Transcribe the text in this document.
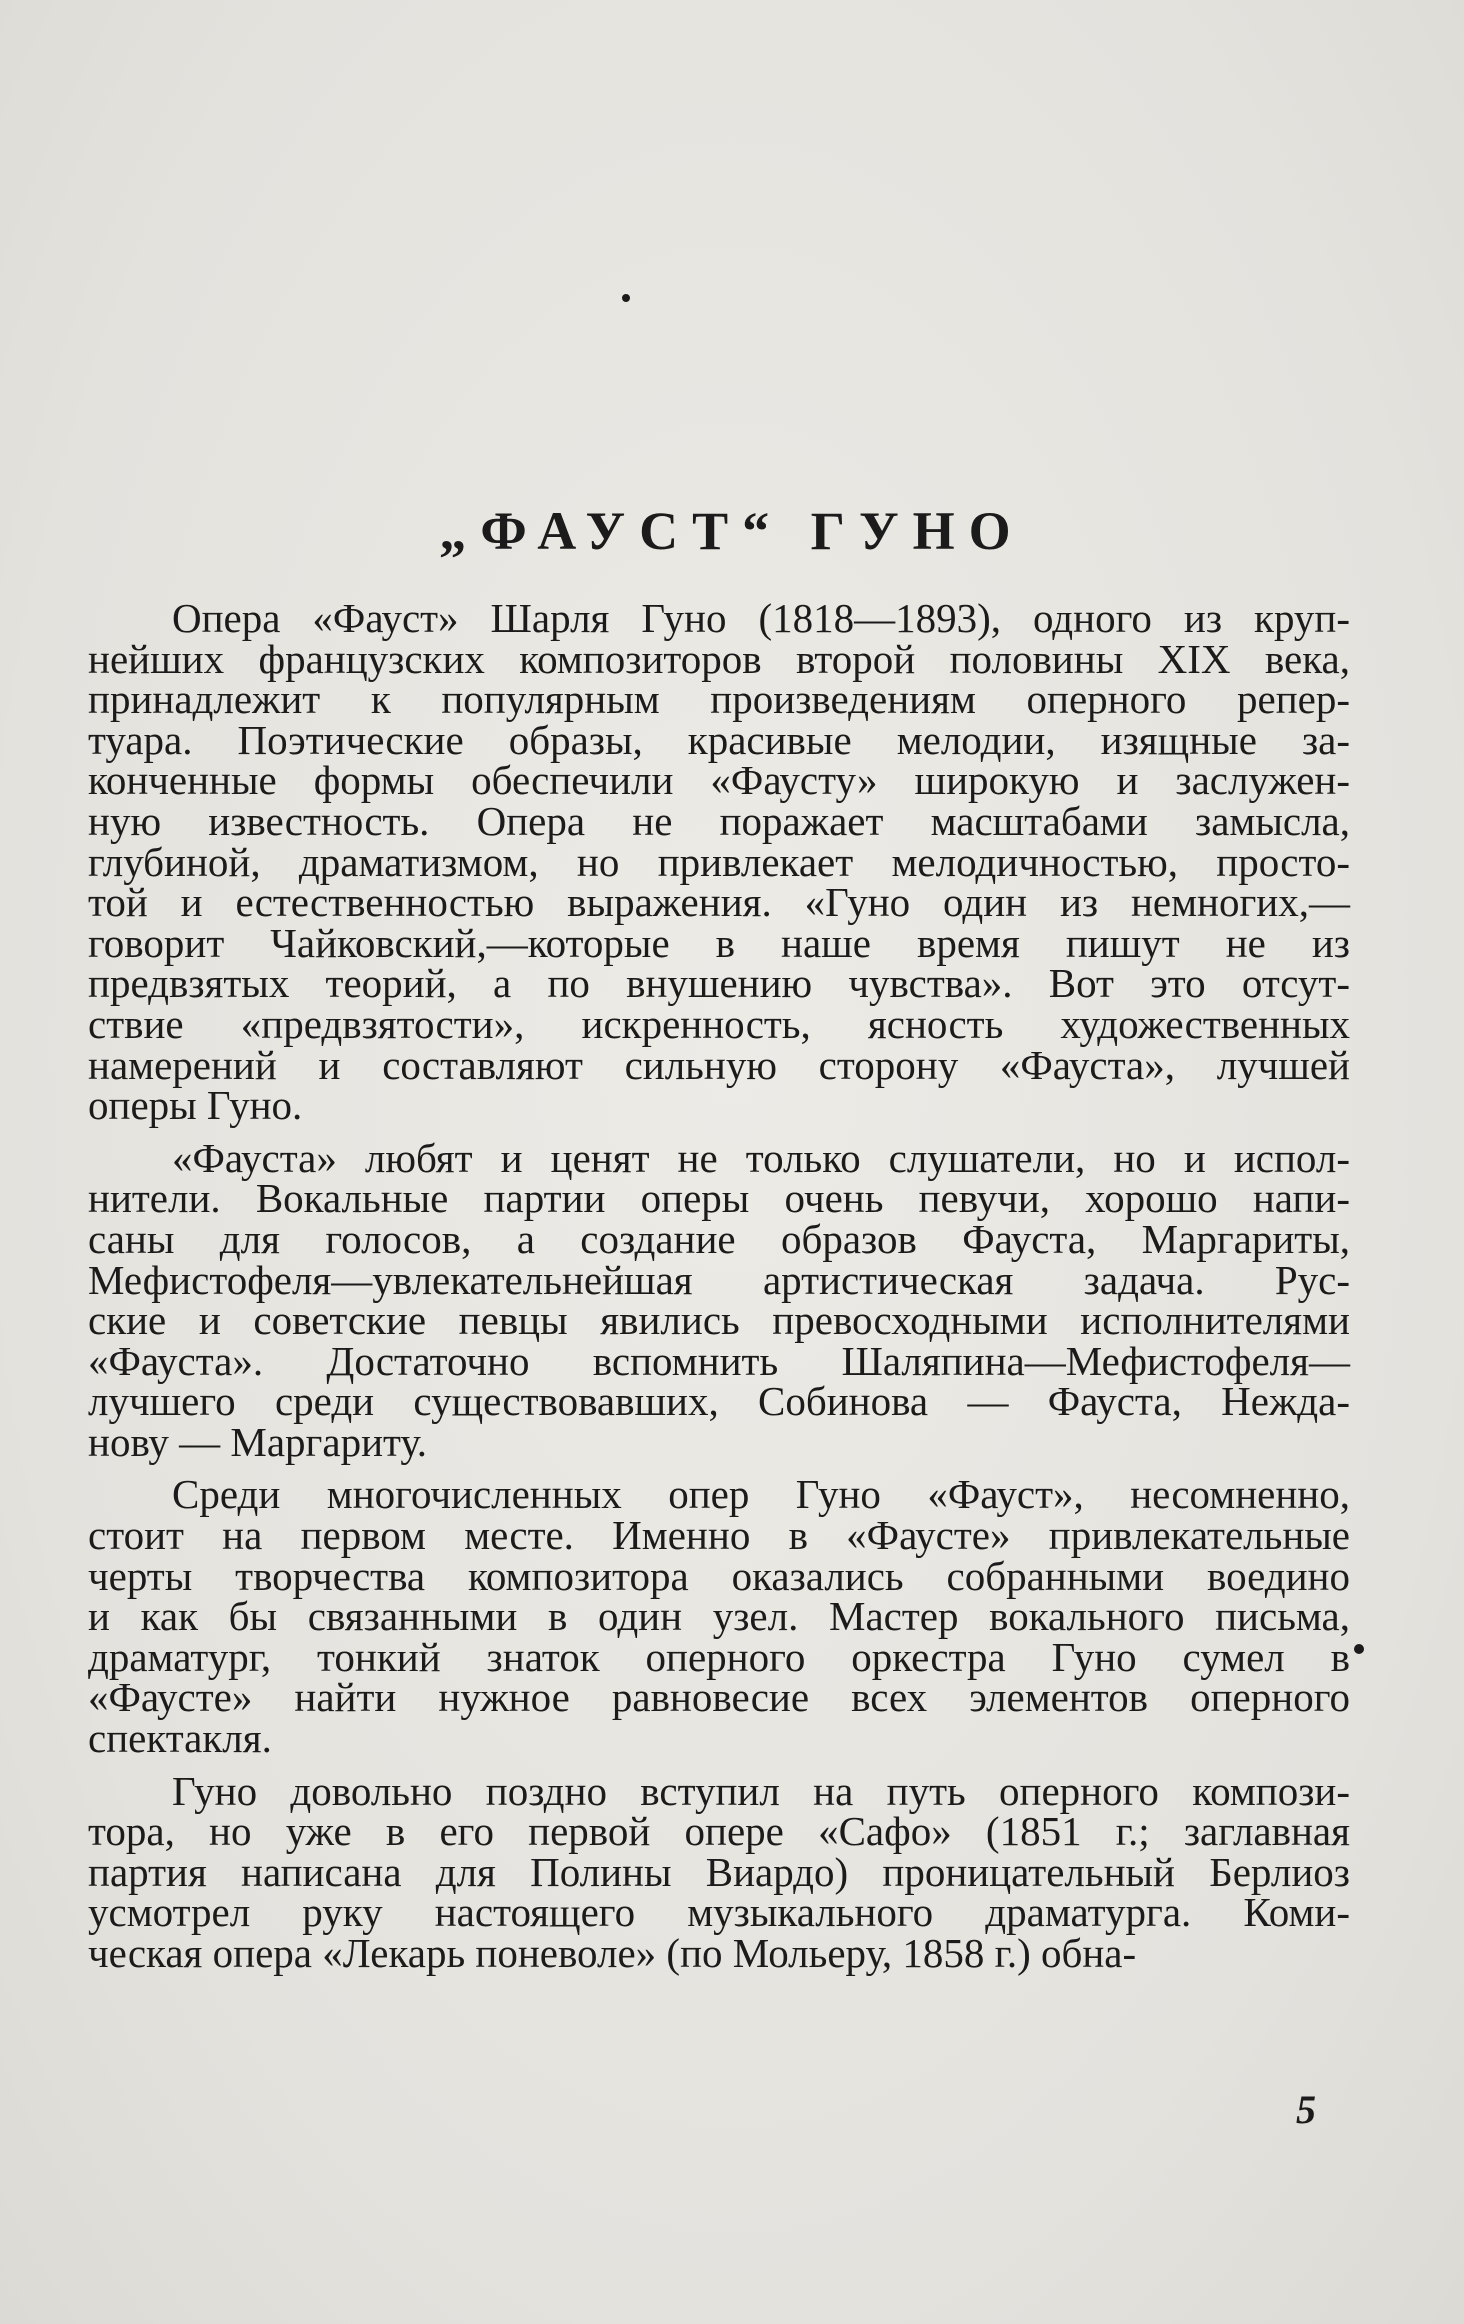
„ФАУСТ“ ГУНО
Опера «Фауст» Шарля Гуно (1818—1893), одного из круп-
нейших французских композиторов второй половины XIX века,
принадлежит к популярным произведениям оперного репер-
туара. Поэтические образы, красивые мелодии, изящные за-
конченные формы обеспечили «Фаусту» широкую и заслужен-
ную известность. Опера не поражает масштабами замысла,
глубиной, драматизмом, но привлекает мелодичностью, просто-
той и естественностью выражения. «Гуно один из немногих,—
говорит Чайковский,—которые в наше время пишут не из
предвзятых теорий, а по внушению чувства». Вот это отсут-
ствие «предвзятости», искренность, ясность художественных
намерений и составляют сильную сторону «Фауста», лучшей
оперы Гуно.
«Фауста» любят и ценят не только слушатели, но и испол-
нители. Вокальные партии оперы очень певучи, хорошо напи-
саны для голосов, а создание образов Фауста, Маргариты,
Мефистофеля—увлекательнейшая артистическая задача. Рус-
ские и советские певцы явились превосходными исполнителями
«Фауста». Достаточно вспомнить Шаляпина—Мефистофеля—
лучшего среди существовавших, Собинова — Фауста, Нежда-
нову — Маргариту.
Среди многочисленных опер Гуно «Фауст», несомненно,
стоит на первом месте. Именно в «Фаусте» привлекательные
черты творчества композитора оказались собранными воедино
и как бы связанными в один узел. Мастер вокального письма,
драматург, тонкий знаток оперного оркестра Гуно сумел в
«Фаусте» найти нужное равновесие всех элементов оперного
спектакля.
Гуно довольно поздно вступил на путь оперного компози-
тора, но уже в его первой опере «Сафо» (1851 г.; заглавная
партия написана для Полины Виардо) проницательный Берлиоз
усмотрел руку настоящего музыкального драматурга. Коми-
ческая опера «Лекарь поневоле» (по Мольеру, 1858 г.) обна-
5
